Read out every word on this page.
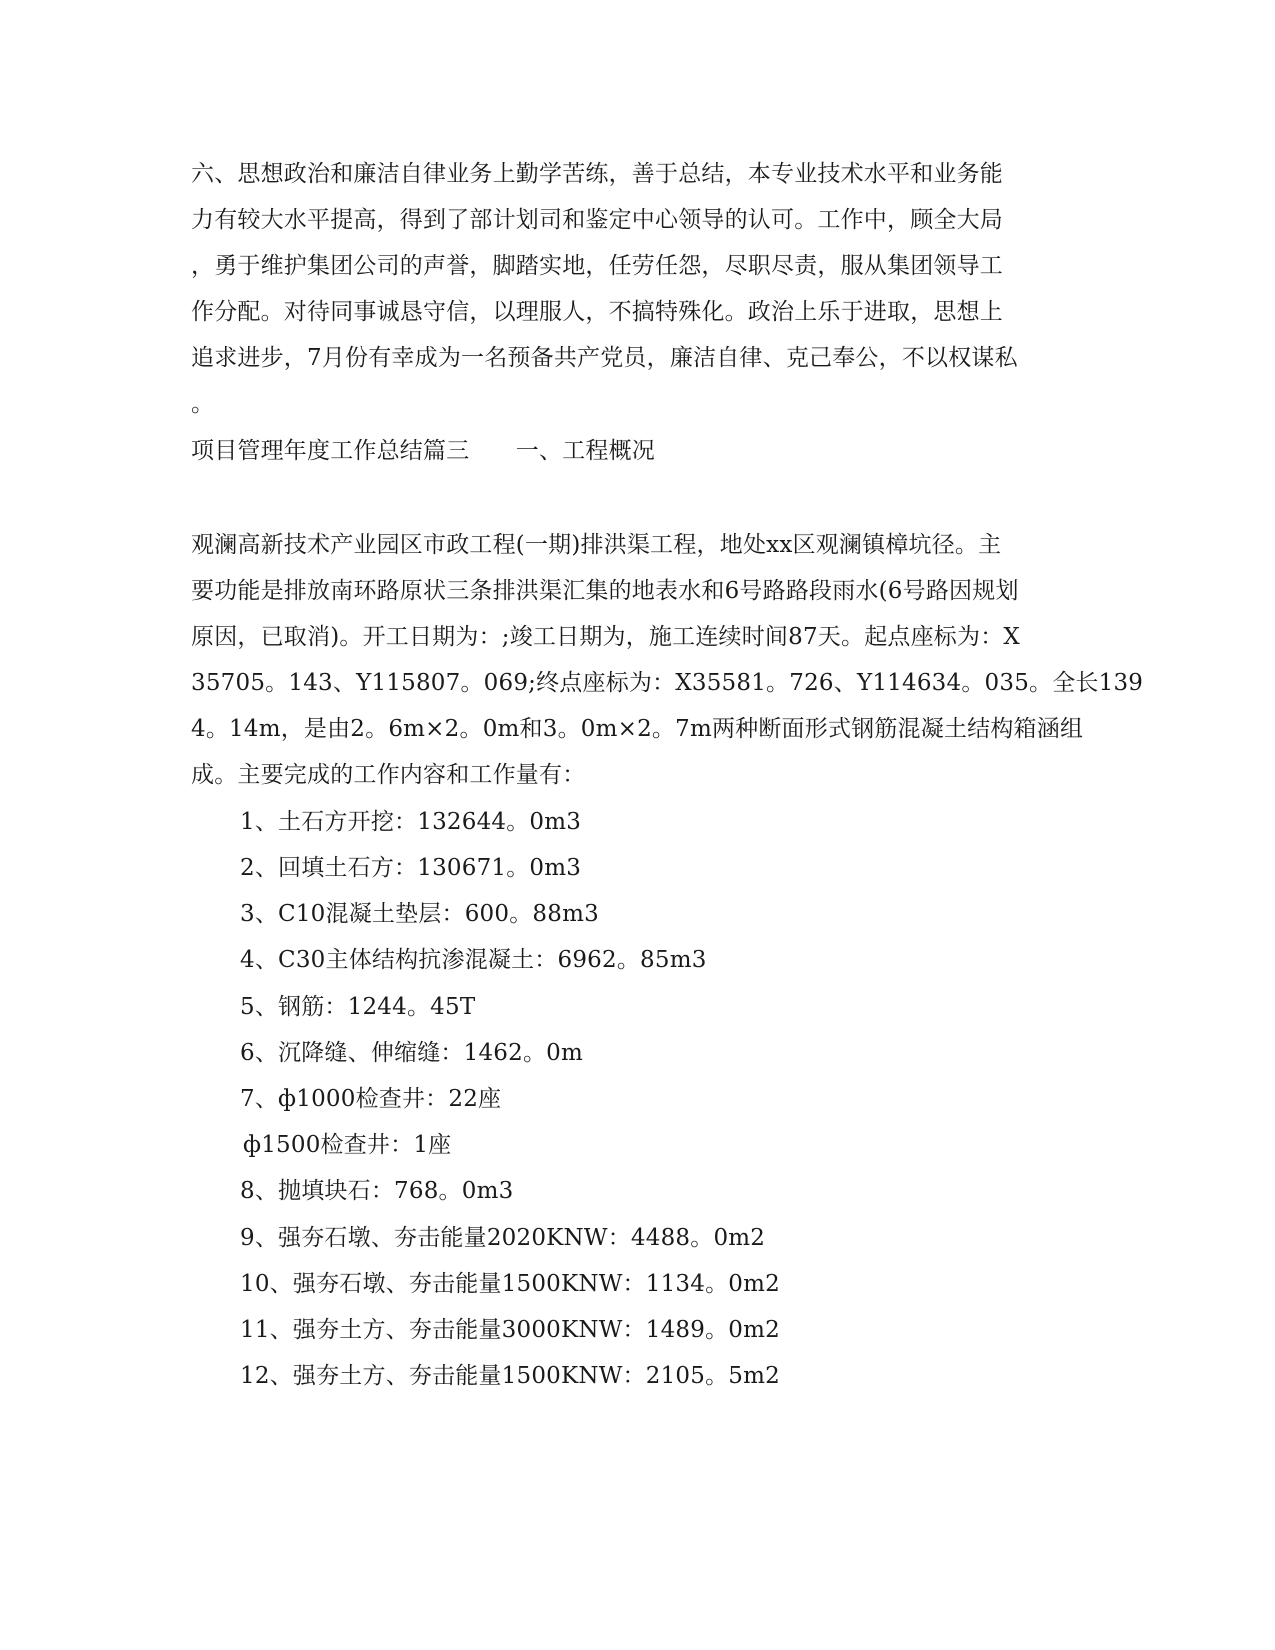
六、思想政治和廉洁自律业务上勤学苦练，善于总结，本专业技术水平和业务能
力有较大水平提高，得到了部计划司和鉴定中心领导的认可。工作中，顾全大局
，勇于维护集团公司的声誉，脚踏实地，任劳任怨，尽职尽责，服从集团领导工
作分配。对待同事诚恳守信，以理服人，不搞特殊化。政治上乐于进取，思想上
追求进步，7月份有幸成为一名预备共产党员，廉洁自律、克己奉公，不以权谋私
。
项目管理年度工作总结篇三　　一、工程概况
观澜高新技术产业园区市政工程(一期)排洪渠工程，地处xx区观澜镇樟坑径。主
要功能是排放南环路原状三条排洪渠汇集的地表水和6号路路段雨水(6号路因规划
原因，已取消)。开工日期为：;竣工日期为，施工连续时间87天。起点座标为：X
35705。143、Y115807。069;终点座标为：X35581。726、Y114634。035。全长139
4。14m，是由2。6m×2。0m和3。0m×2。7m两种断面形式钢筋混凝土结构箱涵组
成。主要完成的工作内容和工作量有：
1、土石方开挖：132644。0m3
2、回填土石方：130671。0m3
3、C10混凝土垫层：600。88m3
4、C30主体结构抗渗混凝土：6962。85m3
5、钢筋：1244。45T
6、沉降缝、伸缩缝：1462。0m
7、ф1000检查井：22座
ф1500检查井：1座
8、抛填块石：768。0m3
9、强夯石墩、夯击能量2020KNW：4488。0m2
10、强夯石墩、夯击能量1500KNW：1134。0m2
11、强夯土方、夯击能量3000KNW：1489。0m2
12、强夯土方、夯击能量1500KNW：2105。5m2
